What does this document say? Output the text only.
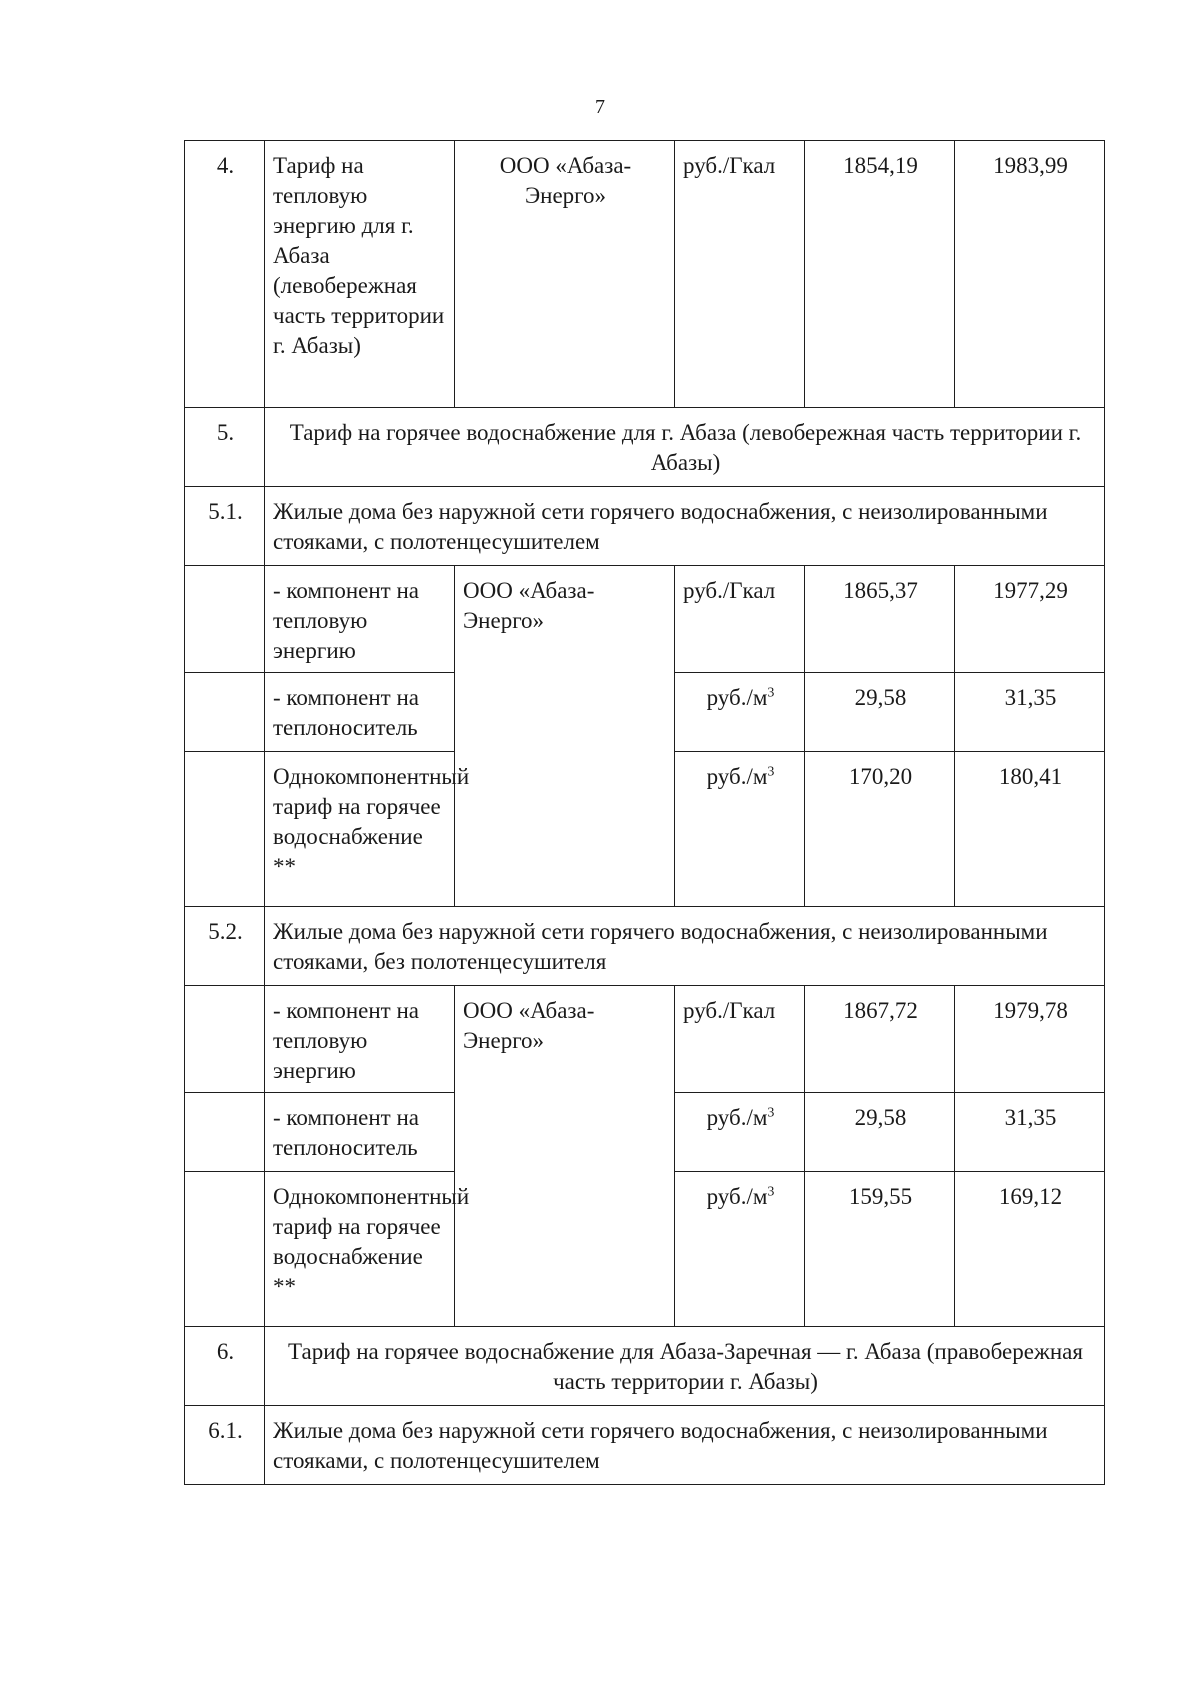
7
4.	Тариф на тепловую энергию для г. Абаза (левобережная часть территории г. Абазы)	ООО «Абаза-Энерго»	руб./Гкал	1854,19	1983,99
5.	Тариф на горячее водоснабжение для г. Абаза (левобережная часть территории г. Абазы)				
5.1.	Жилые дома без наружной сети горячего водоснабжения, с неизолированными стояками, с полотенцесушителем				
	- компонент на тепловую энергию	ООО «Абаза-Энерго»	руб./Гкал	1865,37	1977,29
	- компонент на теплоноситель		$руб./м^3$	29,58	31,35
	Однокомпонентный тариф на горячее водоснабжение **		$руб./м^3$	170,20	180,41
5.2.	Жилые дома без наружной сети горячего водоснабжения, с неизолированными стояками, без полотенцесушителя				
	- компонент на тепловую энергию	ООО «Абаза-Энерго»	руб./Гкал	1867,72	1979,78
	- компонент на теплоноситель		$руб./м^3$	29,58	31,35
	Однокомпонентный тариф на горячее водоснабжение **		$руб./м^3$	159,55	169,12
6.	Тариф на горячее водоснабжение для Абаза-Заречная — г. Абаза (правобережная часть территории г. Абазы)				
6.1.	Жилые дома без наружной сети горячего водоснабжения, с неизолированными стояками, с полотенцесушителем				
